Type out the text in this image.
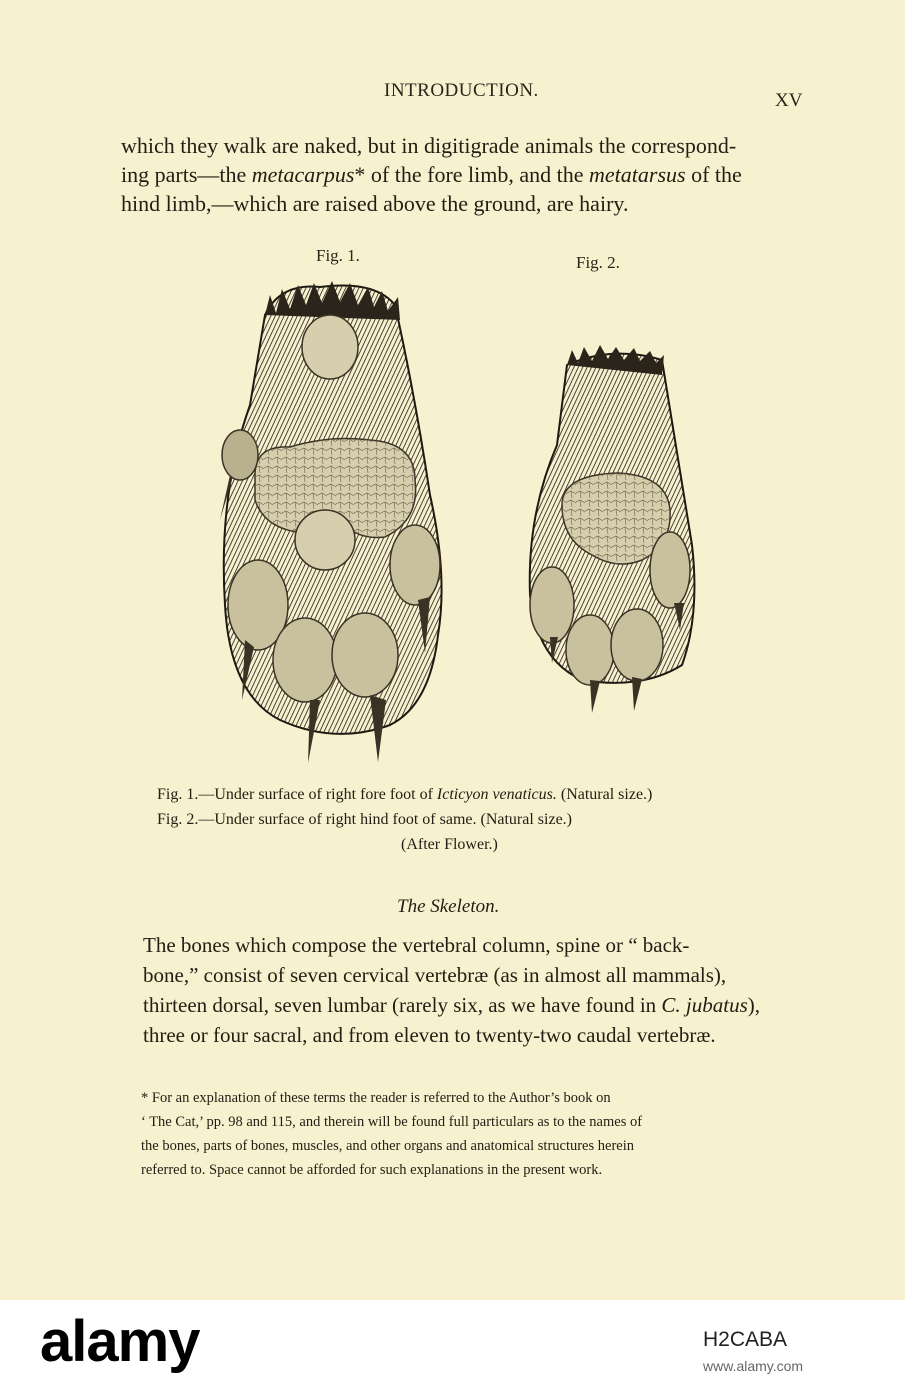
INTRODUCTION.	XV
which they walk are naked, but in digitigrade animals the correspond-
ing parts—the metacarpus* of the fore limb, and the metatarsus of the
hind limb,—which are raised above the ground, are hairy.
Fig. 1.	Fig. 2.
Fig. 1.—Under surface of right fore foot of Icticyon venaticus. (Natural size.)
Fig. 2.—Under surface of right hind foot of same. (Natural size.)
(After Flower.)
The Skeleton.
The bones which compose the vertebral column, spine or “ back-
bone,” consist of seven cervical vertebræ (as in almost all mammals),
thirteen dorsal, seven lumbar (rarely six, as we have found in C. jubatus),
three or four sacral, and from eleven to twenty-two caudal vertebræ.
* For an explanation of these terms the reader is referred to the Author’s book on
‘ The Cat,’ pp. 98 and 115, and therein will be found full particulars as to the names of
the bones, parts of bones, muscles, and other organs and anatomical structures herein
referred to. Space cannot be afforded for such explanations in the present work.
alamy	H2CABA
www.alamy.com
